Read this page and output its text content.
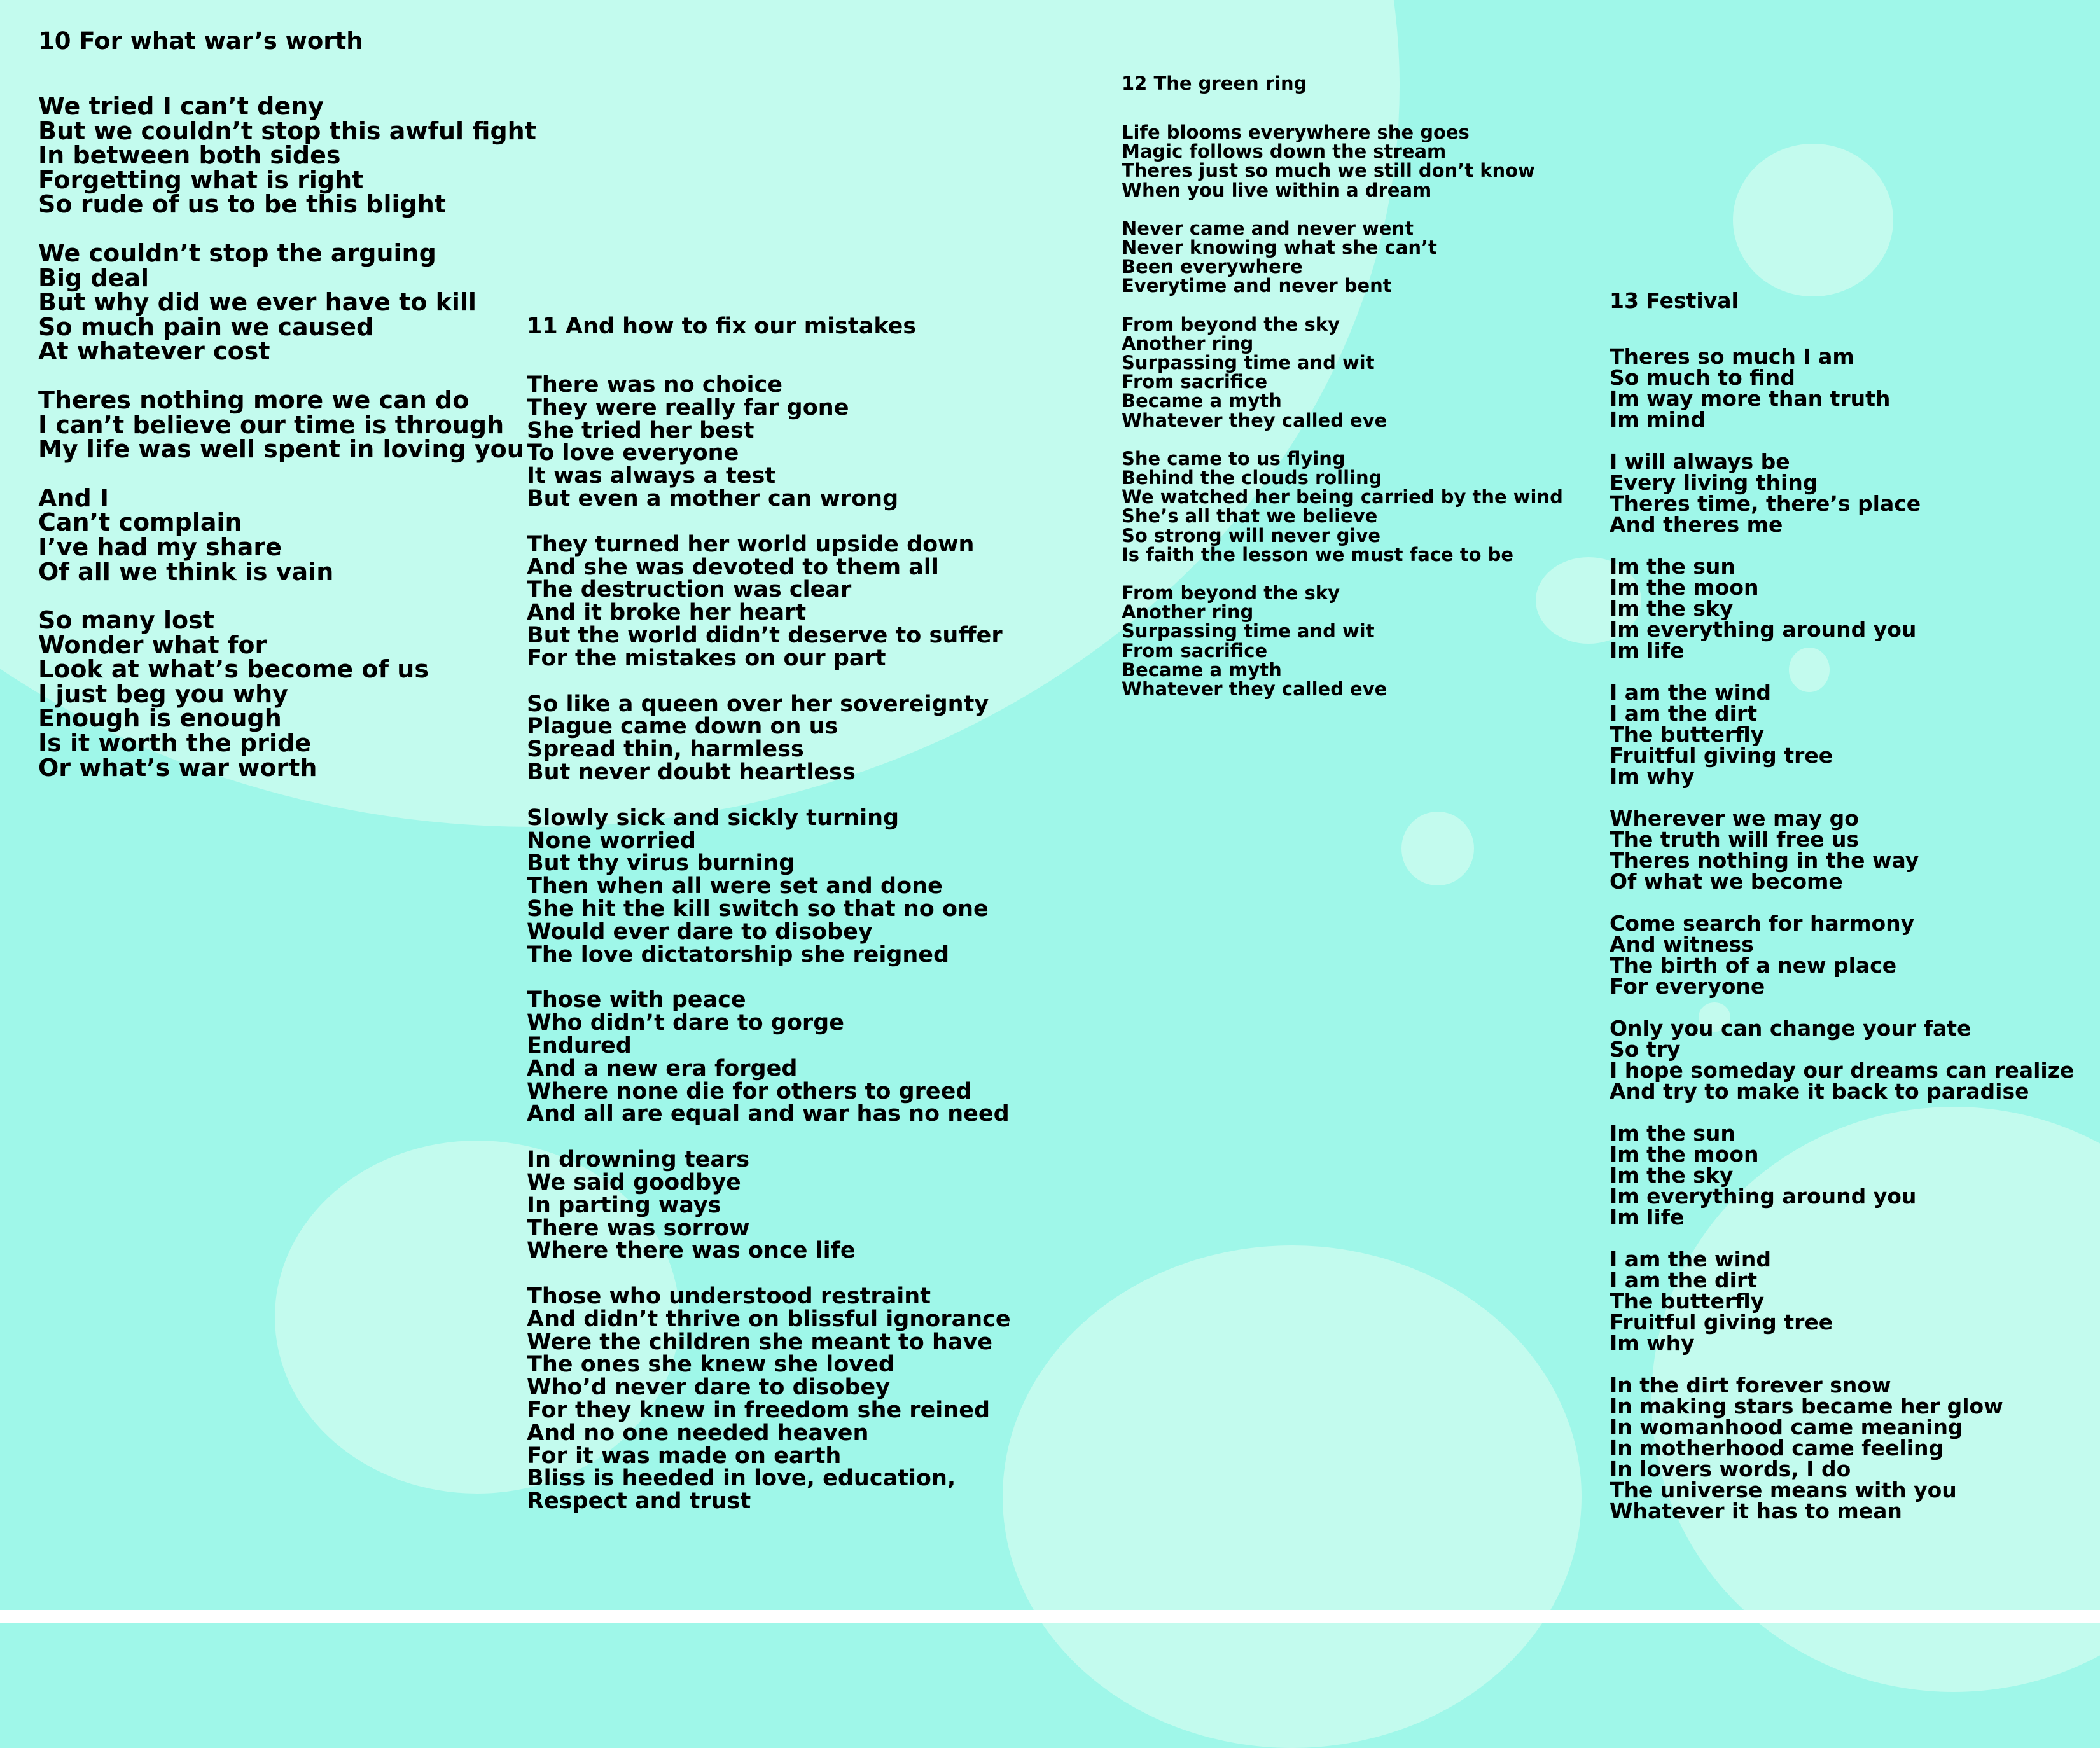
10 For what war’s worth
We tried I can’t deny
But we couldn’t stop this awful fight
In between both sides
Forgetting what is right
So rude of us to be this blight
We couldn’t stop the arguing
Big deal
But why did we ever have to kill
So much pain we caused
At whatever cost
Theres nothing more we can do
I can’t believe our time is through
My life was well spent in loving you
And I
Can’t complain
I’ve had my share
Of all we think is vain
So many lost
Wonder what for
Look at what’s become of us
I just beg you why
Enough is enough
Is it worth the pride
Or what’s war worth
11 And how to fix our mistakes
There was no choice
They were really far gone
She tried her best
To love everyone
It was always a test
But even a mother can wrong
They turned her world upside down
And she was devoted to them all
The destruction was clear
And it broke her heart
But the world didn’t deserve to suffer
For the mistakes on our part
So like a queen over her sovereignty
Plague came down on us
Spread thin, harmless
But never doubt heartless
Slowly sick and sickly turning
None worried
But thy virus burning
Then when all were set and done
She hit the kill switch so that no one
Would ever dare to disobey
The love dictatorship she reigned
Those with peace
Who didn’t dare to gorge
Endured
And a new era forged
Where none die for others to greed
And all are equal and war has no need
In drowning tears
We said goodbye
In parting ways
There was sorrow
Where there was once life
Those who understood restraint
And didn’t thrive on blissful ignorance
Were the children she meant to have
The ones she knew she loved
Who’d never dare to disobey
For they knew in freedom she reined
And no one needed heaven
For it was made on earth
Bliss is heeded in love, education,
Respect and trust
12 The green ring
Life blooms everywhere she goes
Magic follows down the stream
Theres just so much we still don’t know
When you live within a dream
Never came and never went
Never knowing what she can’t
Been everywhere
Everytime and never bent
From beyond the sky
Another ring
Surpassing time and wit
From sacrifice
Became a myth
Whatever they called eve
She came to us flying
Behind the clouds rolling
We watched her being carried by the wind
She’s all that we believe
So strong will never give
Is faith the lesson we must face to be
From beyond the sky
Another ring
Surpassing time and wit
From sacrifice
Became a myth
Whatever they called eve
13 Festival
Theres so much I am
So much to find
Im way more than truth
Im mind
I will always be
Every living thing
Theres time, there’s place
And theres me
Im the sun
Im the moon
Im the sky
Im everything around you
Im life
I am the wind
I am the dirt
The butterfly
Fruitful giving tree
Im why
Wherever we may go
The truth will free us
Theres nothing in the way
Of what we become
Come search for harmony
And witness
The birth of a new place
For everyone
Only you can change your fate
So try
I hope someday our dreams can realize
And try to make it back to paradise
Im the sun
Im the moon
Im the sky
Im everything around you
Im life
I am the wind
I am the dirt
The butterfly
Fruitful giving tree
Im why
In the dirt forever snow
In making stars became her glow
In womanhood came meaning
In motherhood came feeling
In lovers words, I do
The universe means with you
Whatever it has to mean
